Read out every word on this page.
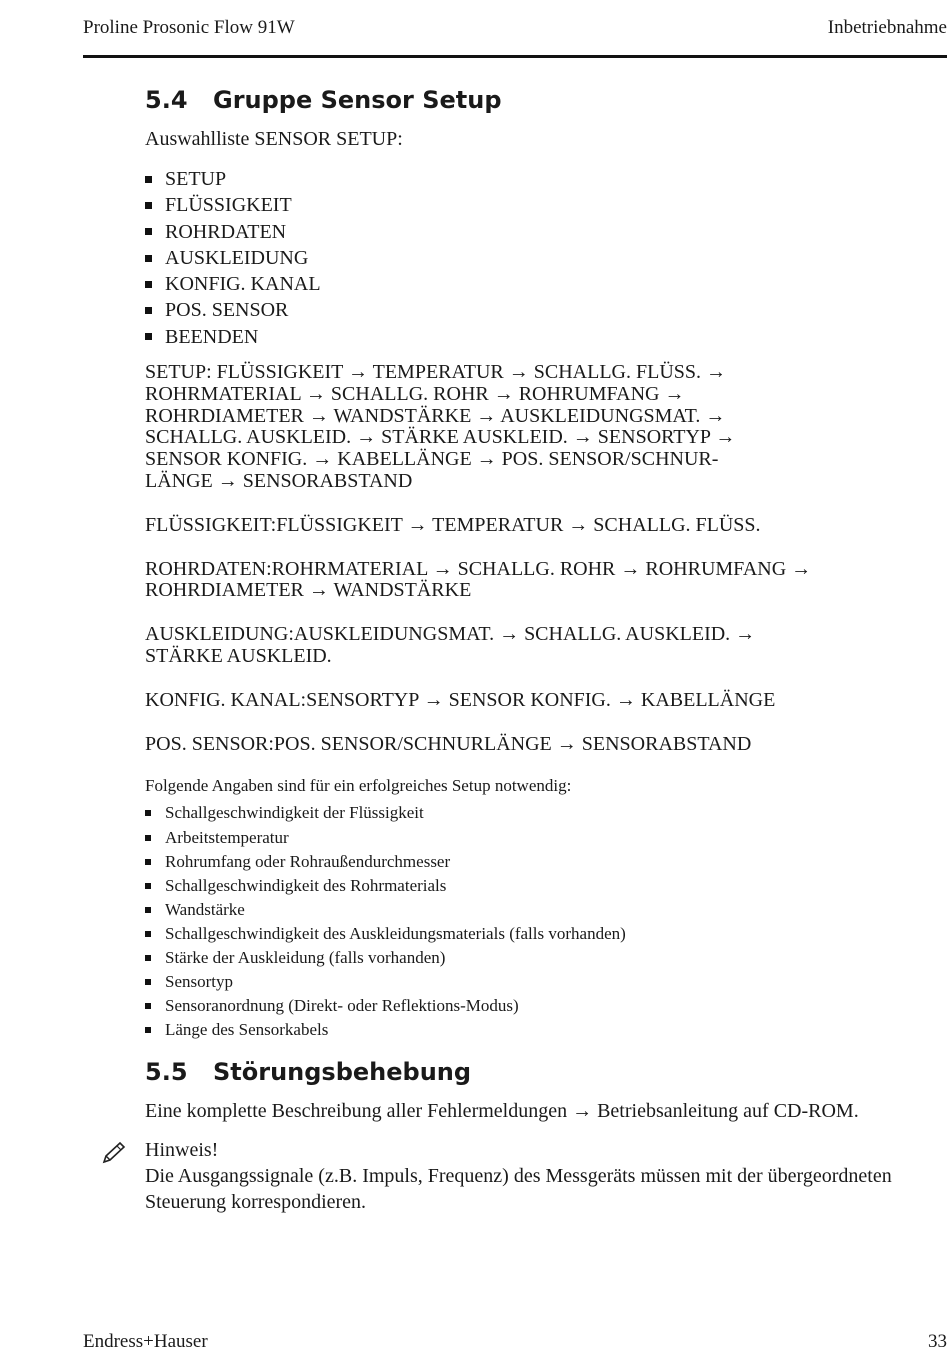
Proline Prosonic Flow 91W	Inbetriebnahme
5.4	Gruppe Sensor Setup

Auswahlliste SENSOR SETUP:

SETUP
FLÜSSIGKEIT
ROHRDATEN
AUSKLEIDUNG
KONFIG. KANAL
POS. SENSOR
BEENDEN
SETUP: FLÜSSIGKEIT → TEMPERATUR → SCHALLG. FLÜSS. →
ROHRMATERIAL → SCHALLG. ROHR → ROHRUMFANG →
ROHRDIAMETER → WANDSTÄRKE → AUSKLEIDUNGSMAT. →
SCHALLG. AUSKLEID. → STÄRKE AUSKLEID. → SENSORTYP →
SENSOR KONFIG. → KABELLÄNGE → POS. SENSOR/SCHNUR-
LÄNGE → SENSORABSTAND
FLÜSSIGKEIT:FLÜSSIGKEIT → TEMPERATUR → SCHALLG. FLÜSS.
ROHRDATEN:ROHRMATERIAL → SCHALLG. ROHR → ROHRUMFANG →
ROHRDIAMETER → WANDSTÄRKE
AUSKLEIDUNG:AUSKLEIDUNGSMAT. → SCHALLG. AUSKLEID. →
STÄRKE AUSKLEID.
KONFIG. KANAL:SENSORTYP → SENSOR KONFIG. → KABELLÄNGE
POS. SENSOR:POS. SENSOR/SCHNURLÄNGE → SENSORABSTAND

Folgende Angaben sind für ein erfolgreiches Setup notwendig:

Schallgeschwindigkeit der Flüssigkeit
Arbeitstemperatur
Rohrumfang oder Rohraußendurchmesser
Schallgeschwindigkeit des Rohrmaterials
Wandstärke
Schallgeschwindigkeit des Auskleidungsmaterials (falls vorhanden)
Stärke der Auskleidung (falls vorhanden)
Sensortyp
Sensoranordnung (Direkt- oder Reflektions-Modus)
Länge des Sensorkabels
5.5	Störungsbehebung

Eine komplette Beschreibung aller Fehlermeldungen → Betriebsanleitung auf CD-ROM.

Hinweis!
Die Ausgangssignale (z.B. Impuls, Frequenz) des Messgeräts müssen mit der übergeordneten
Steuerung korrespondieren.
Endress+Hauser	33
